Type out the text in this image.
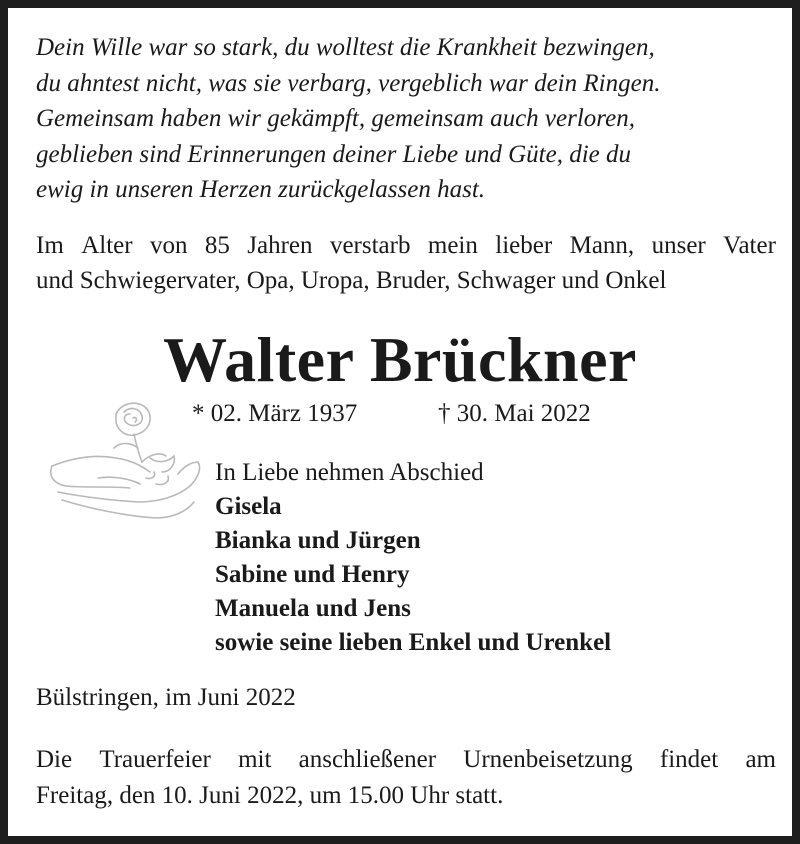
Dein Wille war so stark, du wolltest die Krankheit bezwingen,
du ahntest nicht, was sie verbarg, vergeblich war dein Ringen.
Gemeinsam haben wir gekämpft, gemeinsam auch verloren,
geblieben sind Erinnerungen deiner Liebe und Güte, die du
ewig in unseren Herzen zurückgelassen hast.
Im Alter von 85 Jahren verstarb mein lieber Mann, unser Vater
und Schwiegervater, Opa, Uropa, Bruder, Schwager und Onkel
Walter Brückner
* 02. März 1937	† 30. Mai 2022
In Liebe nehmen Abschied
Gisela
Bianka und Jürgen
Sabine und Henry
Manuela und Jens
sowie seine lieben Enkel und Urenkel
Bülstringen, im Juni 2022
Die Trauerfeier mit anschließener Urnenbeisetzung findet am
Freitag, den 10. Juni 2022, um 15.00 Uhr statt.
